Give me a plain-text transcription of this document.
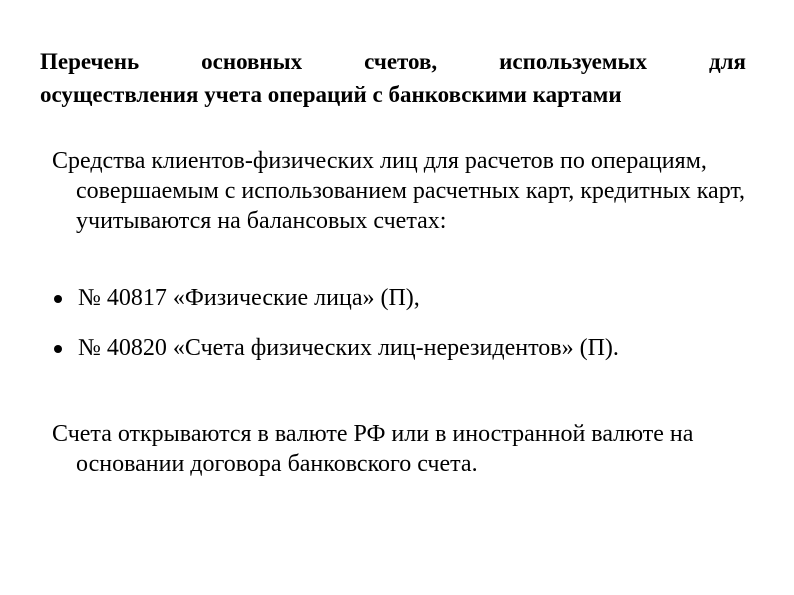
Перечень основных счетов, используемых для
осуществления учета операций с банковскими картами
Средства клиентов-физических лиц для расчетов по операциям, совершаемым с использованием расчетных карт, кредитных карт, учитываются на балансовых счетах:
№ 40817 «Физические лица» (П),
№ 40820 «Счета физических лиц-нерезидентов» (П).
Счета открываются в валюте РФ или в иностранной валюте на основании договора банковского счета.
